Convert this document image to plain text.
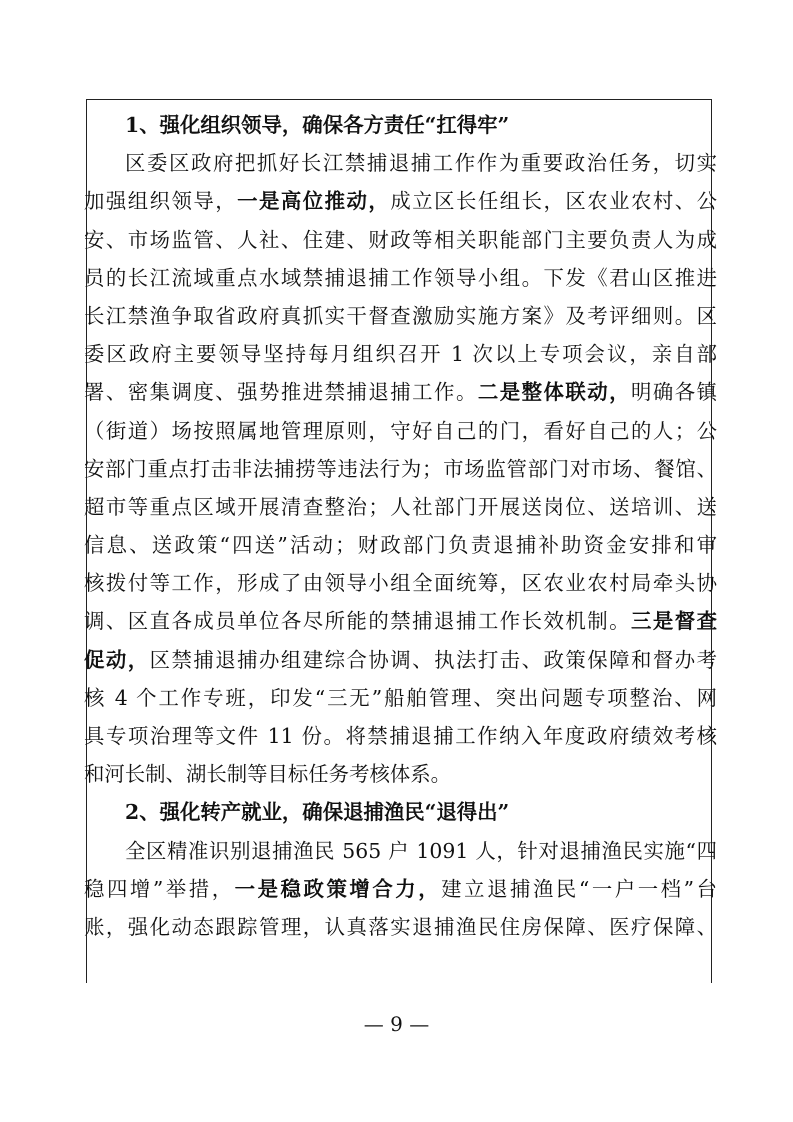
1、强化组织领导，确保各方责任“扛得牢”
区委区政府把抓好长江禁捕退捕工作作为重要政治任务，切实
加强组织领导，一是高位推动，成立区长任组长，区农业农村、公
安、市场监管、人社、住建、财政等相关职能部门主要负责人为成
员的长江流域重点水域禁捕退捕工作领导小组。下发《君山区推进
长江禁渔争取省政府真抓实干督查激励实施方案》及考评细则。区
委区政府主要领导坚持每月组织召开 1 次以上专项会议，亲自部
署、密集调度、强势推进禁捕退捕工作。二是整体联动，明确各镇
（街道）场按照属地管理原则，守好自己的门，看好自己的人；公
安部门重点打击非法捕捞等违法行为；市场监管部门对市场、餐馆、
超市等重点区域开展清查整治；人社部门开展送岗位、送培训、送
信息、送政策“四送”活动；财政部门负责退捕补助资金安排和审
核拨付等工作，形成了由领导小组全面统筹，区农业农村局牵头协
调、区直各成员单位各尽所能的禁捕退捕工作长效机制。三是督查
促动，区禁捕退捕办组建综合协调、执法打击、政策保障和督办考
核 4 个工作专班，印发“三无”船舶管理、突出问题专项整治、网
具专项治理等文件 11 份。将禁捕退捕工作纳入年度政府绩效考核
和河长制、湖长制等目标任务考核体系。
2、强化转产就业，确保退捕渔民“退得出”
全区精准识别退捕渔民 565 户 1091 人，针对退捕渔民实施“四
稳四增”举措，一是稳政策增合力，建立退捕渔民“一户一档”台
账，强化动态跟踪管理，认真落实退捕渔民住房保障、医疗保障、
— 9 —
